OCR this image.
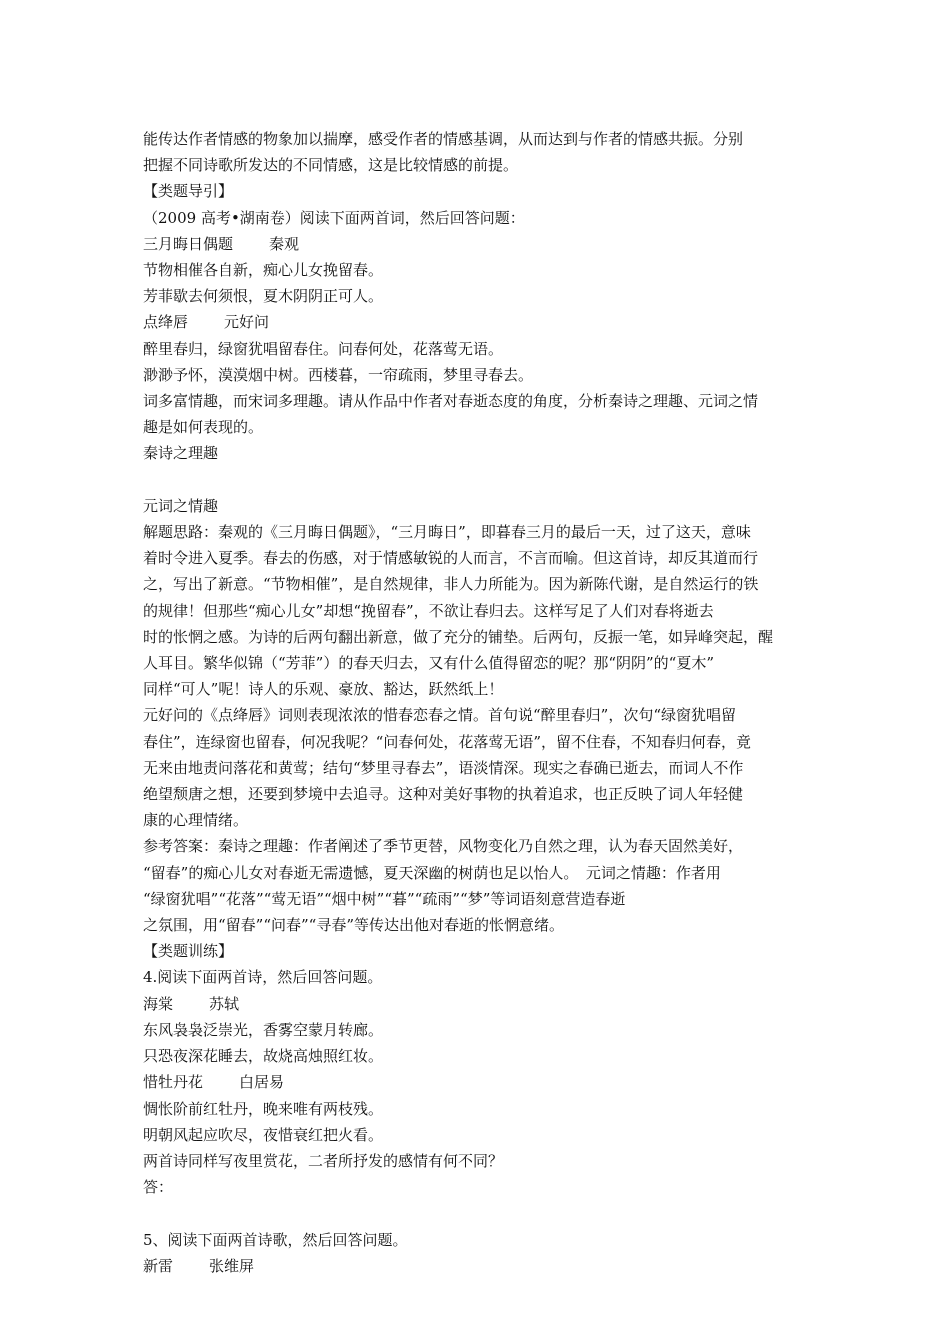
能传达作者情感的物象加以揣摩，感受作者的情感基调，从而达到与作者的情感共振。分别
把握不同诗歌所发达的不同情感，这是比较情感的前提。
【类题导引】
（2009 高考•湖南卷）阅读下面两首词，然后回答问题：
三月晦日偶题 秦观
节物相催各自新，痴心儿女挽留春。
芳菲歇去何须恨，夏木阴阴正可人。
点绛唇 元好问
醉里春归，绿窗犹唱留春住。问春何处，花落莺无语。
渺渺予怀，漠漠烟中树。西楼暮，一帘疏雨，梦里寻春去。
词多富情趣，而宋词多理趣。请从作品中作者对春逝态度的角度，分析秦诗之理趣、元词之情
趣是如何表现的。
秦诗之理趣
元词之情趣
解题思路：秦观的《三月晦日偶题》，“三月晦日”，即暮春三月的最后一天，过了这天，意味
着时令进入夏季。春去的伤感，对于情感敏锐的人而言，不言而喻。但这首诗，却反其道而行
之，写出了新意。“节物相催”，是自然规律，非人力所能为。因为新陈代谢，是自然运行的铁
的规律！但那些“痴心儿女”却想“挽留春”，不欲让春归去。这样写足了人们对春将逝去
时的怅惘之感。为诗的后两句翻出新意，做了充分的铺垫。后两句，反振一笔，如异峰突起，醒
人耳目。繁华似锦（“芳菲”）的春天归去，又有什么值得留恋的呢？那“阴阴”的“夏木”
同样“可人”呢！诗人的乐观、豪放、豁达，跃然纸上！
元好问的《点绛唇》词则表现浓浓的惜春恋春之情。首句说“醉里春归”，次句“绿窗犹唱留
春住”，连绿窗也留春，何况我呢？“问春何处，花落莺无语”，留不住春，不知春归何春，竟
无来由地责问落花和黄莺；结句“梦里寻春去”，语淡情深。现实之春确已逝去，而词人不作
绝望颓唐之想，还要到梦境中去追寻。这种对美好事物的执着追求，也正反映了词人年轻健
康的心理情绪。
参考答案：秦诗之理趣：作者阐述了季节更替，风物变化乃自然之理，认为春天固然美好，
“留春”的痴心儿女对春逝无需遗憾，夏天深幽的树荫也足以怡人。　元词之情趣：作者用
“绿窗犹唱”“花落”“莺无语”“烟中树”“暮”“疏雨”“梦”等词语刻意营造春逝
之氛围，用“留春”“问春”“寻春”等传达出他对春逝的怅惘意绪。
【类题训练】
4.阅读下面两首诗，然后回答问题。
海棠 苏轼
东风袅袅泛崇光，香雾空蒙月转廊。
只恐夜深花睡去，故烧高烛照红妆。
惜牡丹花 白居易
惆怅阶前红牡丹，晚来唯有两枝残。
明朝风起应吹尽，夜惜衰红把火看。
两首诗同样写夜里赏花，二者所抒发的感情有何不同？
答：
5、阅读下面两首诗歌，然后回答问题。
新雷 张维屏
